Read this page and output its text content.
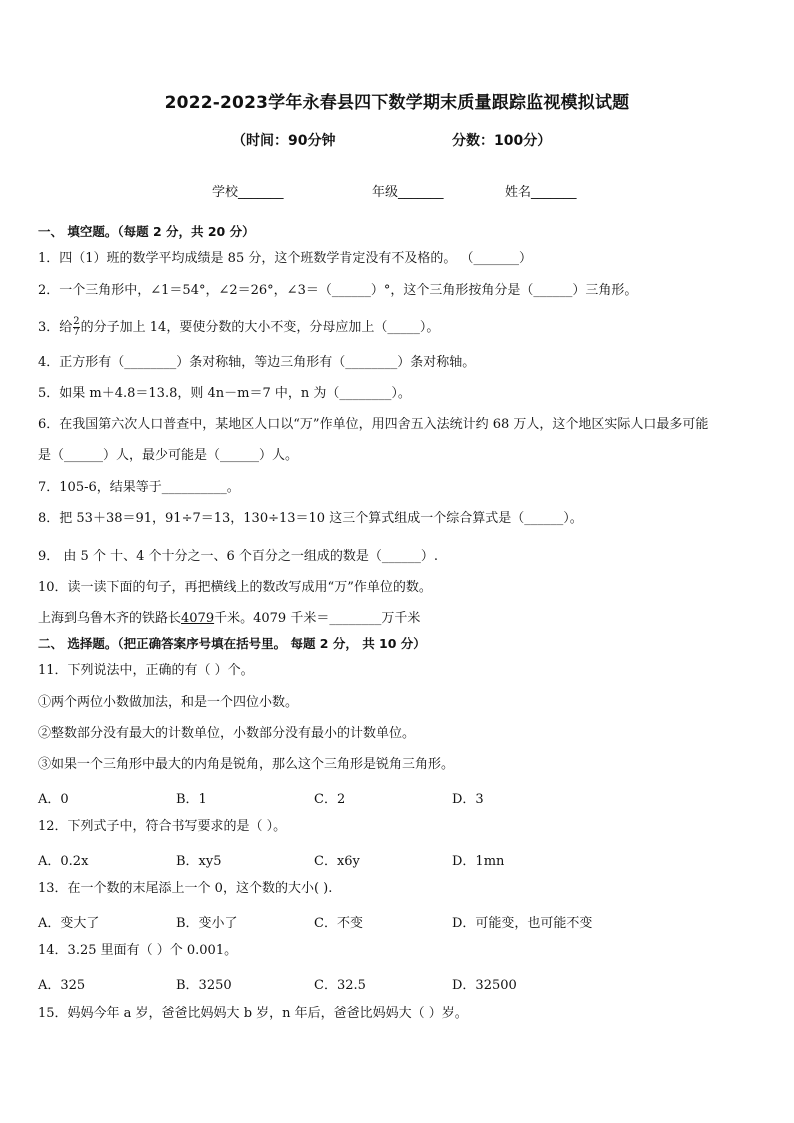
2022-2023学年永春县四下数学期末质量跟踪监视模拟试题
（时间：90分钟	分数：100分）
学校_______	年级_______	姓名_______
一、 填空题。（每题 2 分，共 20 分）
1．四（1）班的数学平均成绩是 85 分，这个班数学肯定没有不及格的。 （_______）
2．一个三角形中，∠1＝54°，∠2＝26°，∠3＝（______）°，这个三角形按角分是（______）三角形。
3．给 $\frac{2}{7}$ 的分子加上 14，要使分数的大小不变，分母应加上（_____）。
4．正方形有（________）条对称轴，等边三角形有（________）条对称轴。
5．如果 m＋4.8＝13.8，则 4n－m＝7 中，n 为（________）。
6．在我国第六次人口普查中，某地区人口以“万”作单位，用四舍五入法统计约 68 万人，这个地区实际人口最多可能
是（______）人，最少可能是（______）人。
7．105-6，结果等于__________。
8．把 53＋38＝91，91÷7＝13，130÷13＝10 这三个算式组成一个综合算式是（______）。
9． 由 5 个 十、4 个十分之一、6 个百分之一组成的数是（______）.
10．读一读下面的句子，再把横线上的数改写成用“万”作单位的数。
上海到乌鲁木齐的铁路长4079千米。4079 千米＝________万千米
二、 选择题。（把正确答案序号填在括号里。 每题 2 分， 共 10 分）
11．下列说法中，正确的有（ ）个。
①两个两位小数做加法，和是一个四位小数。
②整数部分没有最大的计数单位，小数部分没有最小的计数单位。
③如果一个三角形中最大的内角是锐角，那么这个三角形是锐角三角形。
A．0	B．1	C．2	D．3
12．下列式子中，符合书写要求的是（ ）。
A．0.2x	B．xy5	C．x6y	D．1mn
13．在一个数的末尾添上一个 0，这个数的大小( ).
A．变大了	B．变小了	C．不变	D．可能变，也可能不变
14．3.25 里面有（ ）个 0.001。
A．325	B．3250	C．32.5	D．32500
15．妈妈今年 a 岁，爸爸比妈妈大 b 岁，n 年后，爸爸比妈妈大（ ）岁。
